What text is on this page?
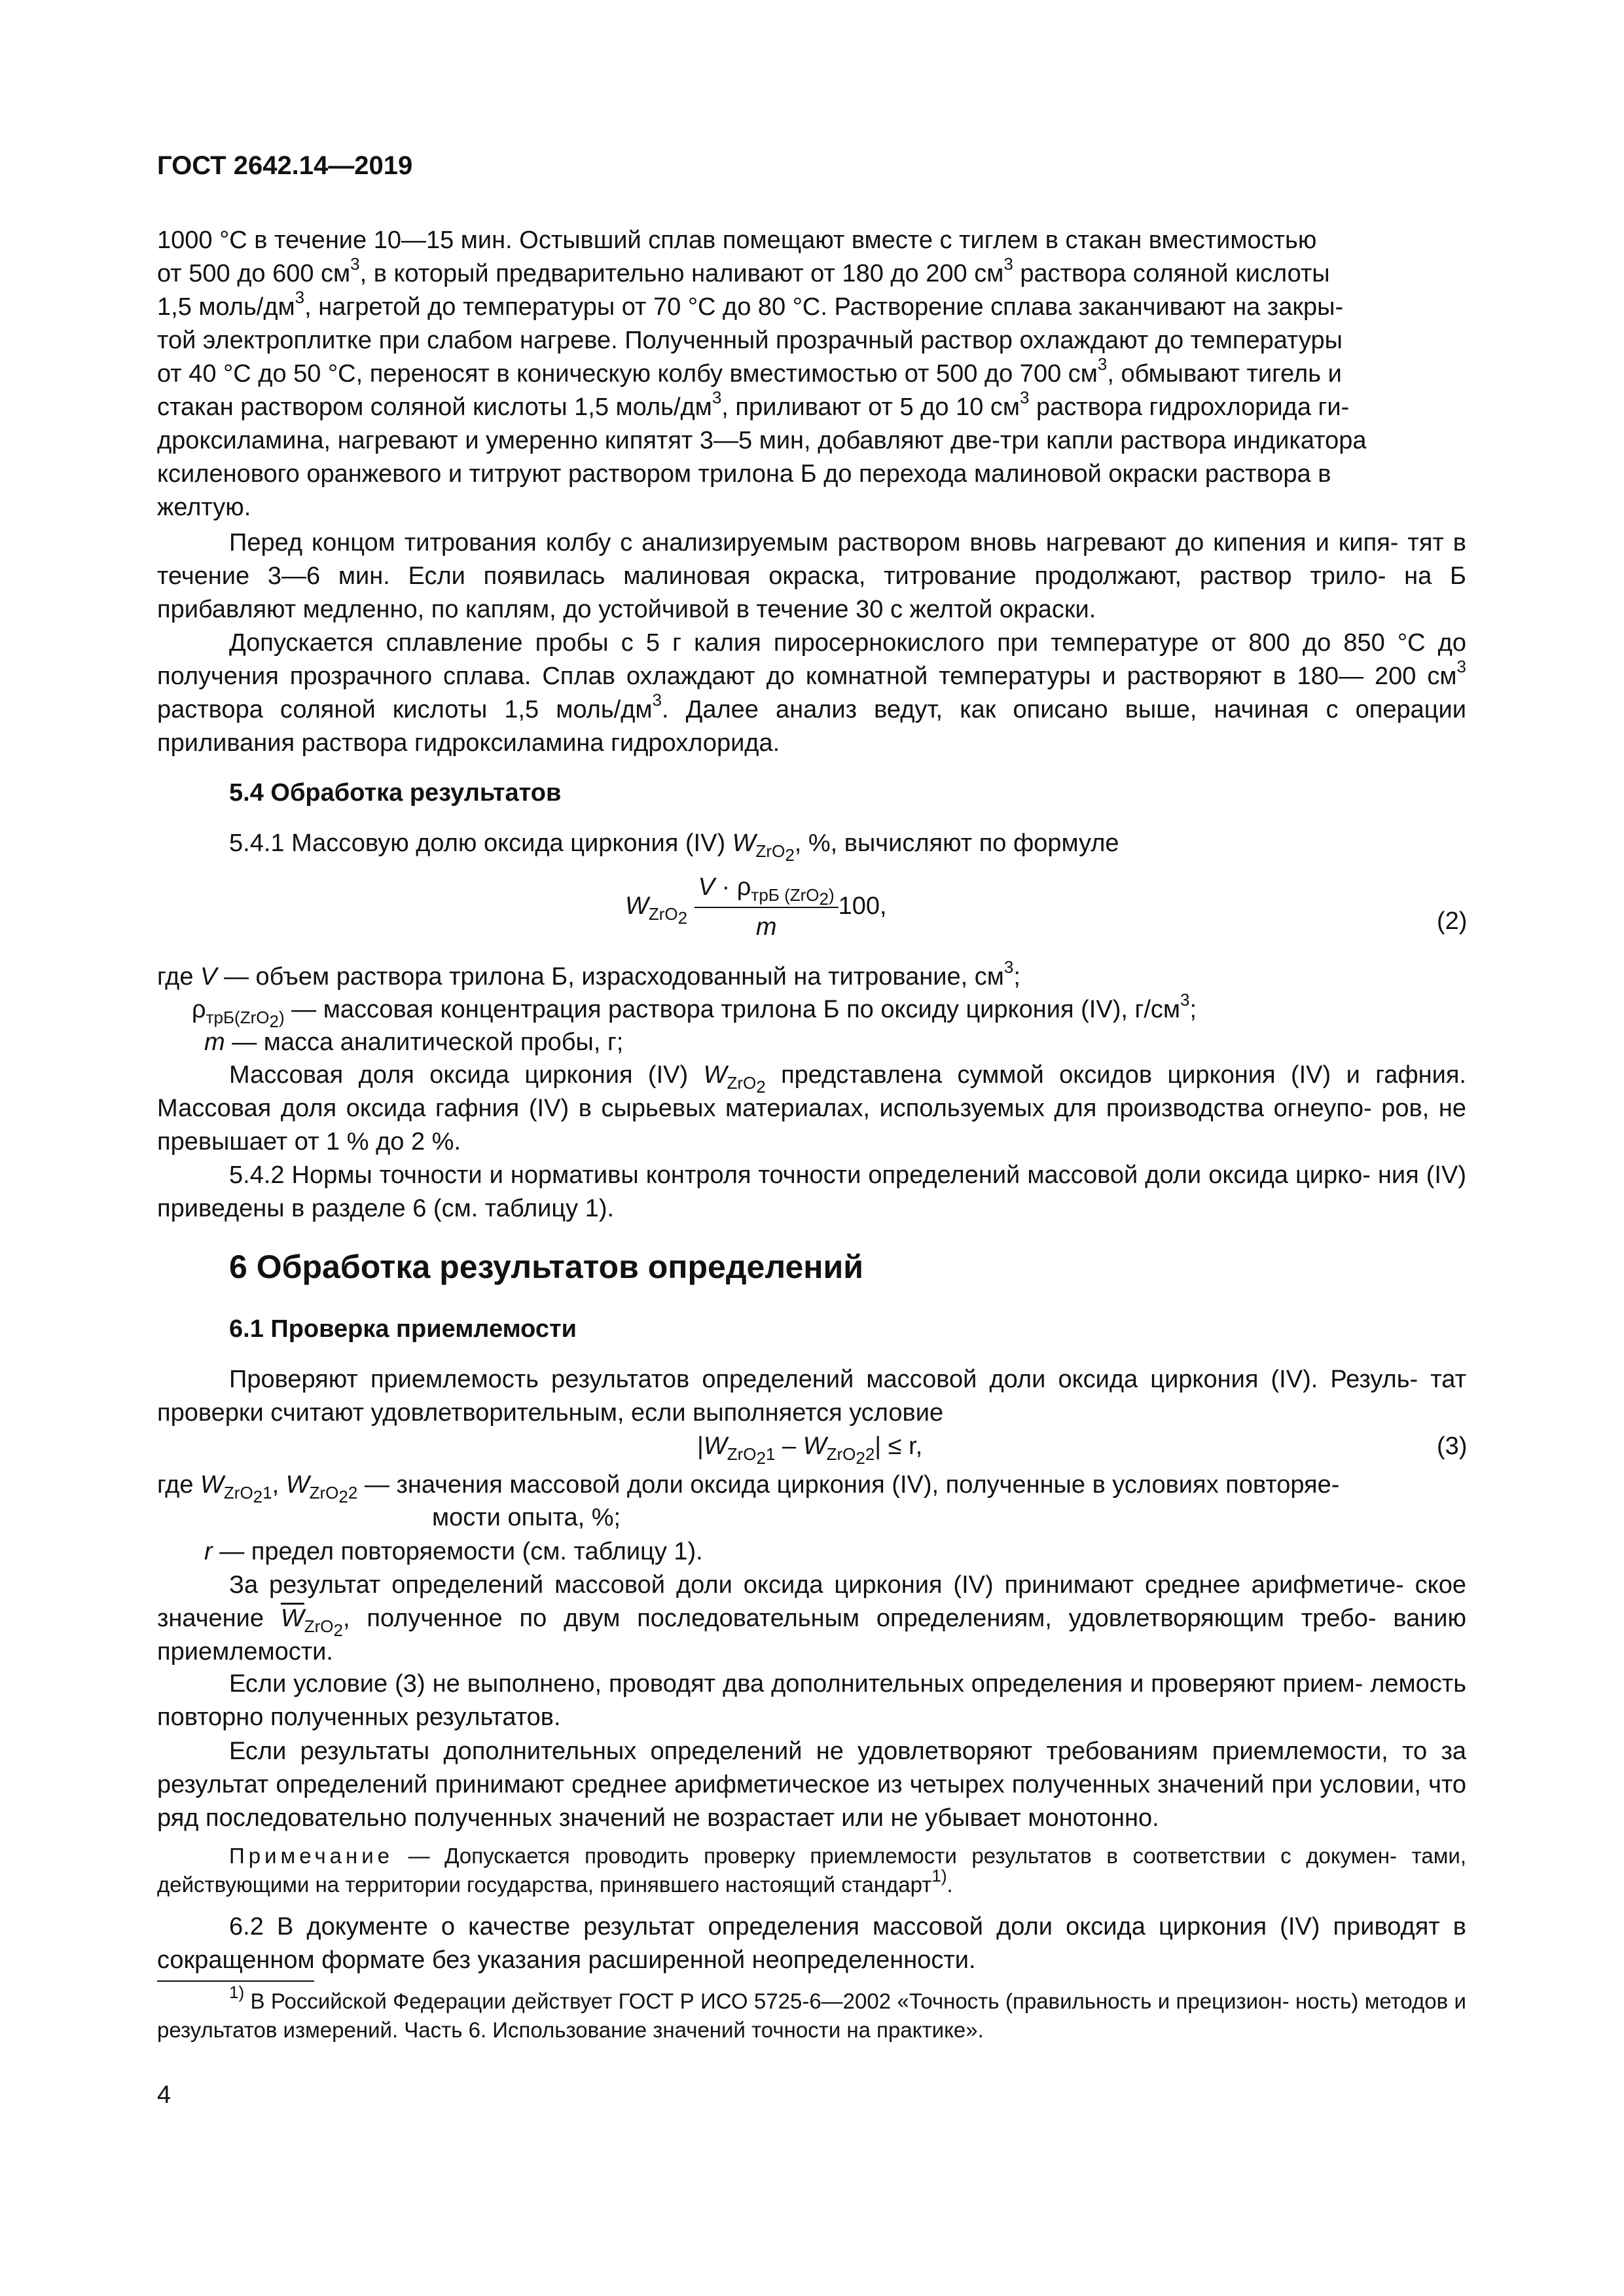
ГОСТ 2642.14—2019
1000 °С в течение 10—15 мин. Остывший сплав помещают вместе с тиглем в стакан вместимостью
от 500 до 600 $см^3$, в который предварительно наливают от 180 до 200 $см^3$ раствора соляной кислоты
1,5 моль/$дм^3$, нагретой до температуры от 70 °С до 80 °С. Растворение сплава заканчивают на закры-
той электроплитке при слабом нагреве. Полученный прозрачный раствор охлаждают до температуры
от 40 °С до 50 °С, переносят в коническую колбу вместимостью от 500 до 700 $см^3$, обмывают тигель и
стакан раствором соляной кислоты 1,5 моль/$дм^3$, приливают от 5 до 10 $см^3$ раствора гидрохлорида ги-
дроксиламина, нагревают и умеренно кипятят 3—5 мин, добавляют две-три капли раствора индикатора
ксиленового оранжевого и титруют раствором трилона Б до перехода малиновой окраски раствора в
желтую.
Перед концом титрования колбу с анализируемым раствором вновь нагревают до кипения и кипя- тят в течение 3—6 мин. Если появилась малиновая окраска, титрование продолжают, раствор трило- на Б прибавляют медленно, по каплям, до устойчивой в течение 30 с желтой окраски.
Допускается сплавление пробы с 5 г калия пиросернокислого при температуре от 800 до 850 °С до получения прозрачного сплава. Сплав охлаждают до комнатной температуры и растворяют в 180— 200 $см^3$ раствора соляной кислоты 1,5 моль/$дм^3$. Далее анализ ведут, как описано выше, начиная с операции приливания раствора гидроксиламина гидрохлорида.
5.4 Обработка результатов
5.4.1 Массовую долю оксида циркония (IV) $W_{ZrO_2}$, %, вычисляют по формуле
$W_{ZrO_2} \frac{V \cdot \rho_{трБ (ZrO_2)}}{m} 100$,
(2)
где V — объем раствора трилона Б, израсходованный на титрование, $см^3$;
$\rho_{трБ(ZrO_2)}$ — массовая концентрация раствора трилона Б по оксиду циркония (IV), $г/см^3$;
m — масса аналитической пробы, г;
Массовая доля оксида циркония (IV) $W_{ZrO_2}$ представлена суммой оксидов циркония (IV) и гафния. Массовая доля оксида гафния (IV) в сырьевых материалах, используемых для производства огнеупо- ров, не превышает от 1 % до 2 %.
5.4.2 Нормы точности и нормативы контроля точности определений массовой доли оксида цирко- ния (IV) приведены в разделе 6 (см. таблицу 1).
6 Обработка результатов определений
6.1 Проверка приемлемости
Проверяют приемлемость результатов определений массовой доли оксида циркония (IV). Резуль- тат проверки считают удовлетворительным, если выполняется условие
$|W_{ZrO_21} - W_{ZrO_22}| \le r$,	(3)
где $W_{ZrO_21}$, $W_{ZrO_22}$ — значения массовой доли оксида циркония (IV), полученные в условиях повторяе-
мости опыта, %;
r — предел повторяемости (см. таблицу 1).
За результат определений массовой доли оксида циркония (IV) принимают среднее арифметиче- ское значение $\overline{W}_{ZrO_2}$, полученное по двум последовательным определениям, удовлетворяющим требо- ванию приемлемости.
Если условие (3) не выполнено, проводят два дополнительных определения и проверяют прием- лемость повторно полученных результатов.
Если результаты дополнительных определений не удовлетворяют требованиям приемлемости, то за результат определений принимают среднее арифметическое из четырех полученных значений при условии, что ряд последовательно полученных значений не возрастает или не убывает монотонно.
Примечание — Допускается проводить проверку приемлемости результатов в соответствии с докумен- тами, действующими на территории государства, принявшего настоящий стандарт$^{1)}$.
6.2 В документе о качестве результат определения массовой доли оксида циркония (IV) приводят в сокращенном формате без указания расширенной неопределенности.
$^{1)}$ В Российской Федерации действует ГОСТ Р ИСО 5725-6—2002 «Точность (правильность и прецизион- ность) методов и результатов измерений. Часть 6. Использование значений точности на практике».
4
